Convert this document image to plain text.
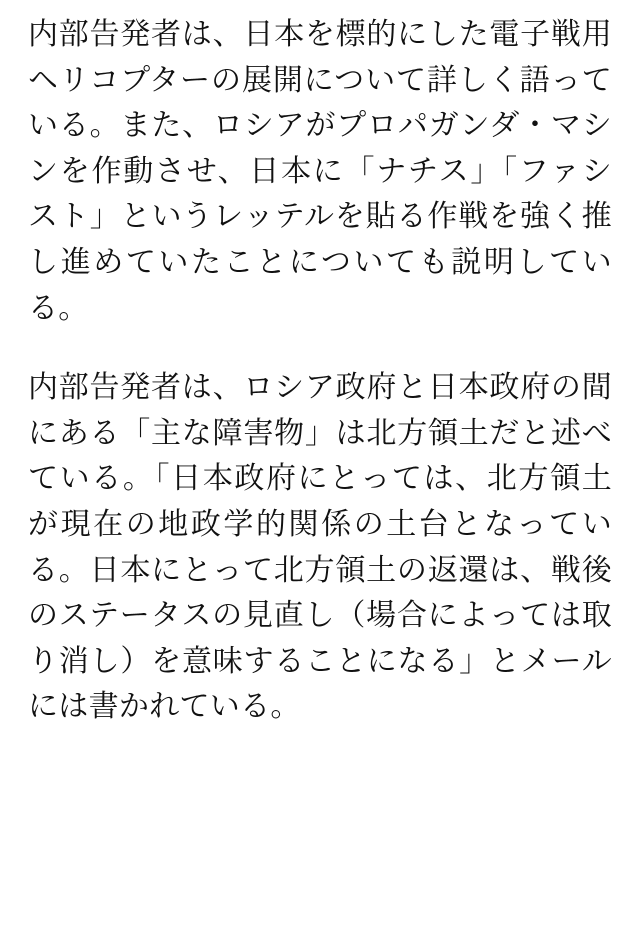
内部告発者は、日本を標的にした電子戦用ヘリコプターの展開について詳しく語っている。また、ロシアがプロパガンダ・マシンを作動させ、日本に「ナチス」「ファシスト」というレッテルを貼る作戦を強く推し進めていたことについても説明している。

内部告発者は、ロシア政府と日本政府の間にある「主な障害物」は北方領土だと述べている。「日本政府にとっては、北方領土が現在の地政学的関係の土台となっている。日本にとって北方領土の返還は、戦後のステータスの見直し（場合によっては取り消し）を意味することになる」とメールには書かれている。
